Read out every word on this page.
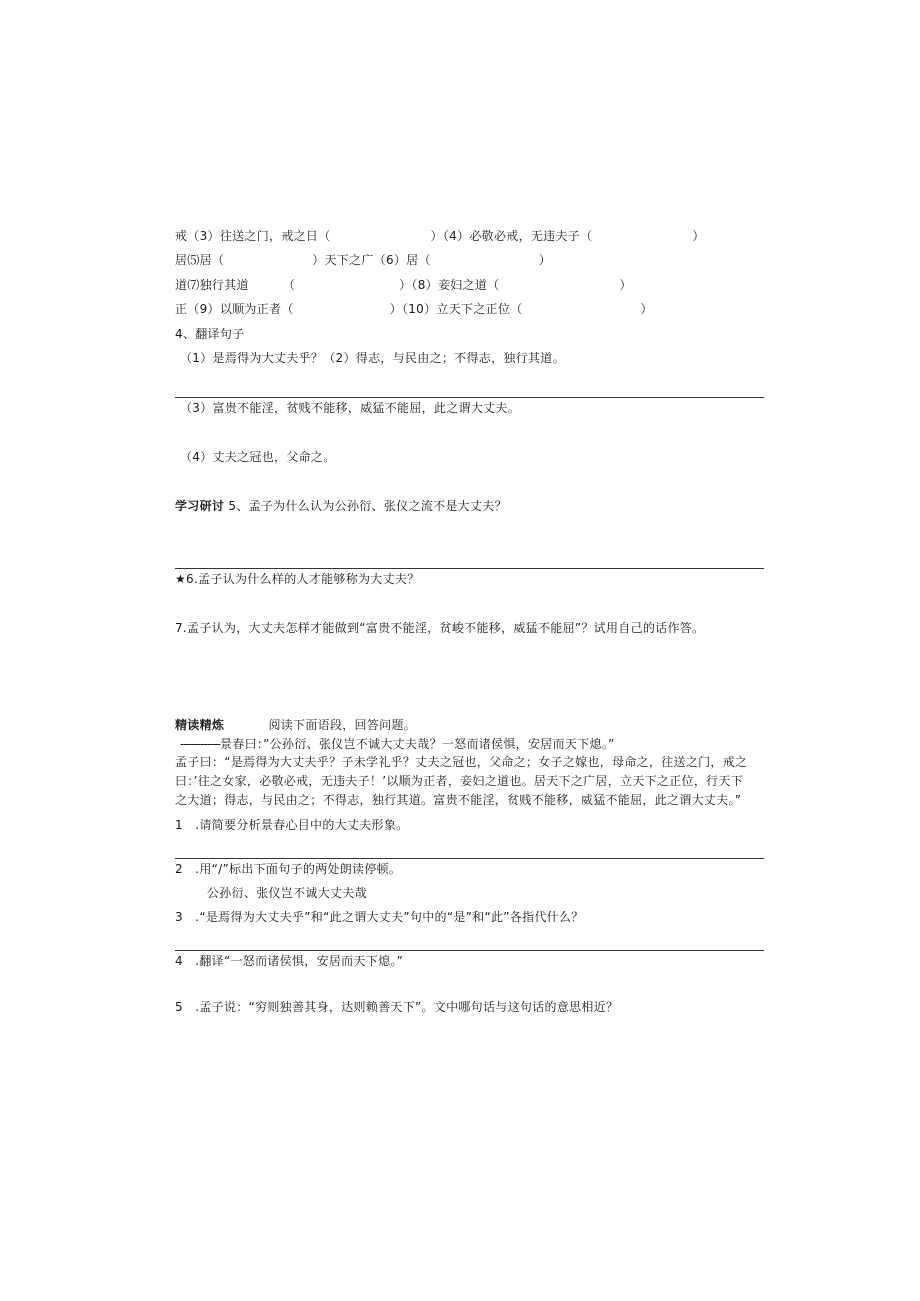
戒（3）往送之门，戒之日（	）（4）必敬必戒，无违夫子（	）
居⑸居（	）天下之广（6）居（	）
道⑺独行其道	（	）（8）妾妇之道（	）
正（9）以顺为正者（	）（10）立天下之正位（	）
4、翻译句子
（1）是焉得为大丈夫乎？（2）得志，与民由之；不得志，独行其道。
（3）富贵不能淫，贫贱不能移，威猛不能屈，此之谓大丈夫。
（4）丈夫之冠也，父命之。
学习研讨 5、孟子为什么认为公孙衍、张仪之流不是大丈夫？
★6.孟子认为什么样的人才能够称为大丈夫？
7.孟子认为，大丈夫怎样才能做到“富贵不能淫，贫峻不能移，威猛不能屈”？试用自己的话作答。
精读精炼	阅读下面语段，回答问题。
------------景春曰：”公孙衍、张仪岂不诚大丈夫哉？一怒而诸侯惧，安居而天下熄。”
孟子曰：“是焉得为大丈夫乎？子未学礼乎？丈夫之冠也，父命之；女子之嫁也，母命之，往送之门，戒之
曰：’往之女家，必敬必戒，无违夫子！’以顺为正者，妾妇之道也。居天下之广居，立天下之正位，行天下
之大道；得志，与民由之；不得志，独行其道。富贵不能淫，贫贱不能移，威猛不能屈，此之谓大丈夫。”
1　.请简要分析景春心目中的大丈夫形象。
2　.用“/”标出下面句子的两处朗读停顿。
公孙衍、张仪岂不诚大丈夫哉
3　.“是焉得为大丈夫乎”和“此之谓大丈夫”句中的“是”和“此”各指代什么？
4　.翻译“一怒而诸侯惧，安居而天下熄。”
5　.孟子说：“穷则独善其身，达则赖善天下”。文中哪句话与这句话的意思相近？
